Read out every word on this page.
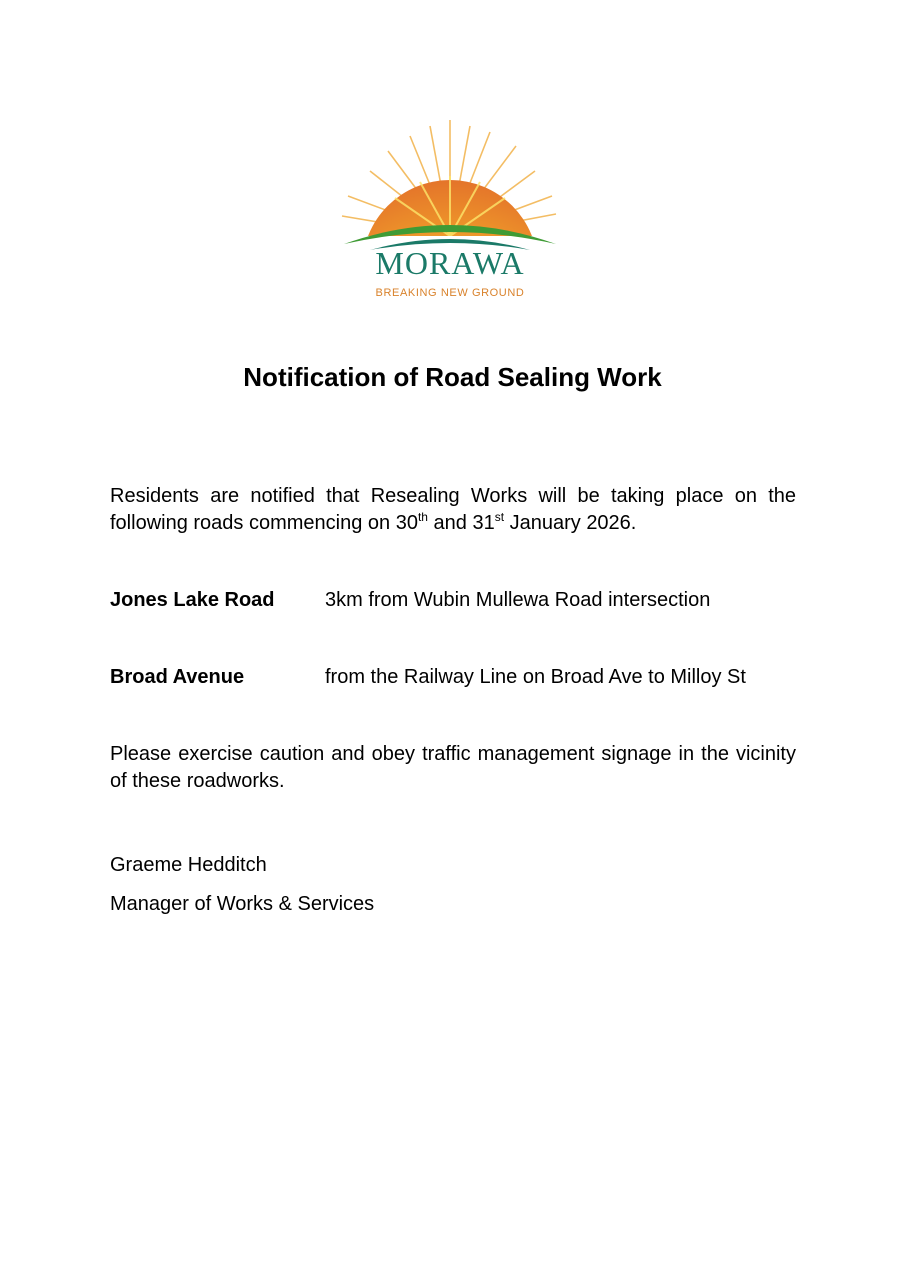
MORAWA
BREAKING NEW GROUND
Notification of Road Sealing Work
Residents are notified that Resealing Works will be taking place on the following roads commencing on 30th and 31st January 2026.
Jones Lake Road	3km from Wubin Mullewa Road intersection
Broad Avenue	from the Railway Line on Broad Ave to Milloy St
Please exercise caution and obey traffic management signage in the vicinity of these roadworks.
Graeme Hedditch
Manager of Works & Services
